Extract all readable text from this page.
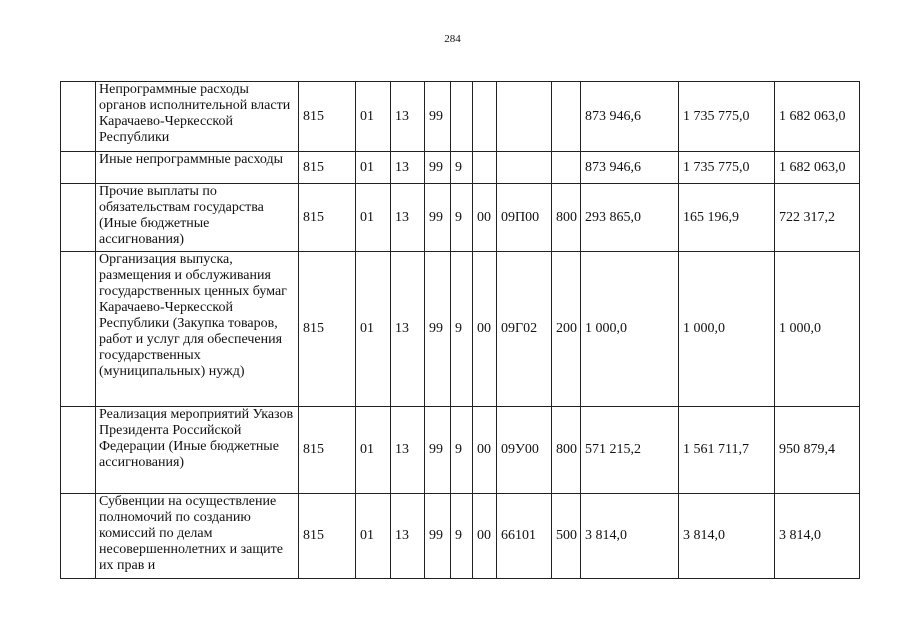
284
	Непрограммные расходы органов исполнительной власти Карачаево-Черкесской Республики	815	01	13	99					873 946,6	1 735 775,0	1 682 063,0
	Иные непрограммные расходы	815	01	13	99	9				873 946,6	1 735 775,0	1 682 063,0
	Прочие выплаты по обязательствам государства (Иные бюджетные ассигнования)	815	01	13	99	9	00	09П00	800	293 865,0	165 196,9	722 317,2
	Организация выпуска, размещения и обслуживания государственных ценных бумаг Карачаево-Черкесской Республики (Закупка товаров, работ и услуг для обеспечения государственных (муниципальных) нужд)	815	01	13	99	9	00	09Г02	200	1 000,0	1 000,0	1 000,0
	Реализация мероприятий Указов Президента Российской Федерации (Иные бюджетные ассигнования)	815	01	13	99	9	00	09У00	800	571 215,2	1 561 711,7	950 879,4
	Субвенции на осуществление полномочий по созданию комиссий по делам несовершеннолетних и защите их прав и	815	01	13	99	9	00	66101	500	3 814,0	3 814,0	3 814,0
